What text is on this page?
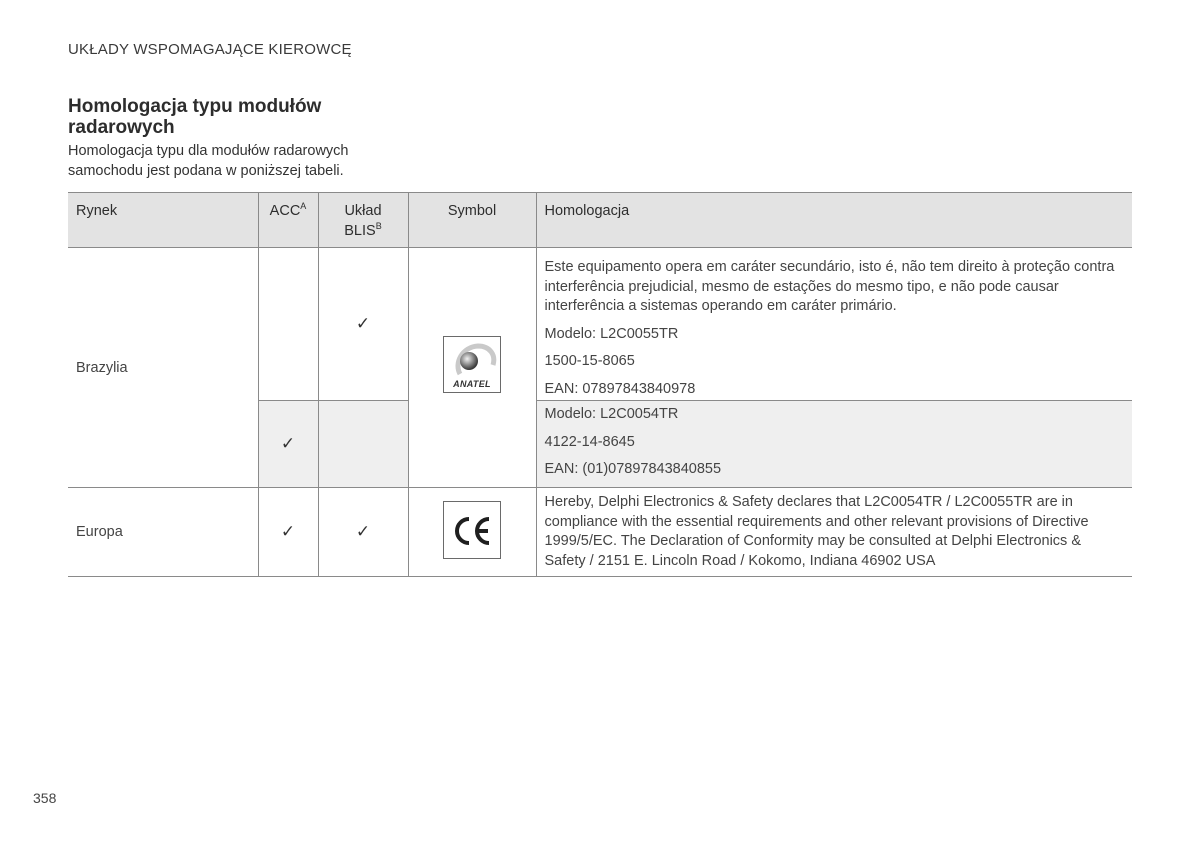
UKŁADY WSPOMAGAJĄCE KIEROWCĘ
Homologacja typu modułów radarowych
Homologacja typu dla modułów radarowych samochodu jest podana w poniższej tabeli.
Rynek	$ACC^A$	Układ
$BLIS^B$	Symbol	Homologacja
Brazylia		✓	ANATEL	Este equipamento opera em caráter secundário, isto é, não tem direito à proteção contra interferência prejudicial, mesmo de estações do mesmo tipo, e não pode causar interferência a sistemas operando em caráter primário.

Modelo: L2C0055TR

1500-15-8065

EAN: 07897843840978

	✓			Modelo: L2C0054TR

4122-14-8645

EAN: (01)07897843840855

Europa	✓	✓		Hereby, Delphi Electronics & Safety declares that L2C0054TR / L2C0055TR are in compliance with the essential requirements and other relevant provisions of Directive 1999/5/EC. The Declaration of Conformity may be consulted at Delphi Electronics & Safety / 2151 E. Lincoln Road / Kokomo, Indiana 46902 USA

358
